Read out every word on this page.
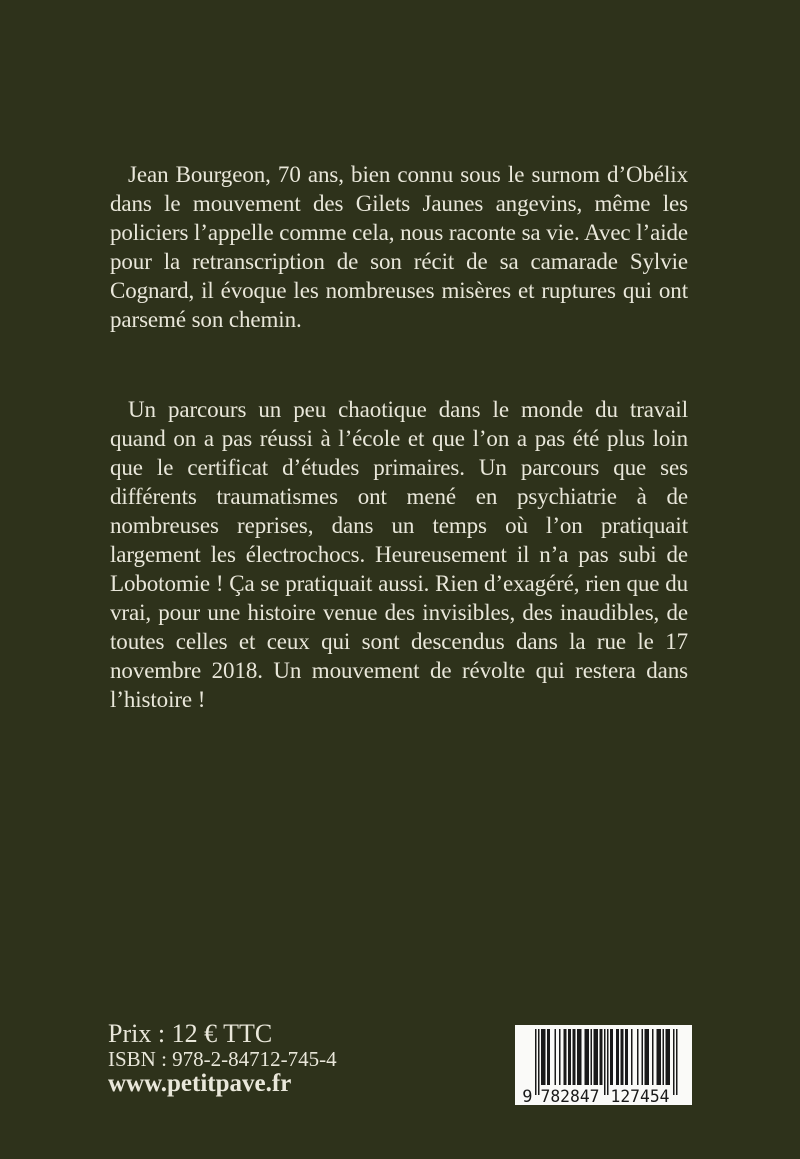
Jean Bourgeon, 70 ans, bien connu sous le surnom d’Obélix dans le mouvement des Gilets Jaunes angevins, même les policiers l’appelle comme cela, nous raconte sa vie. Avec l’aide pour la retranscription de son récit de sa camarade Sylvie Cognard, il évoque les nombreuses misères et ruptures qui ont parsemé son chemin.

Un parcours un peu chaotique dans le monde du travail quand on a pas réussi à l’école et que l’on a pas été plus loin que le certificat d’études primaires. Un parcours que ses différents traumatismes ont mené en psychiatrie à de nombreuses reprises, dans un temps où l’on pratiquait largement les électrochocs. Heureusement il n’a pas subi de Lobotomie ! Ça se pratiquait aussi. Rien d’exagéré, rien que du vrai, pour une histoire venue des invisibles, des inaudibles, de toutes celles et ceux qui sont descendus dans la rue le 17 novembre 2018. Un mouvement de révolte qui restera dans l’histoire !

Prix : 12 € TTC
ISBN : 978-2-84712-745-4
www.petitpave.fr	9 782847 127454
